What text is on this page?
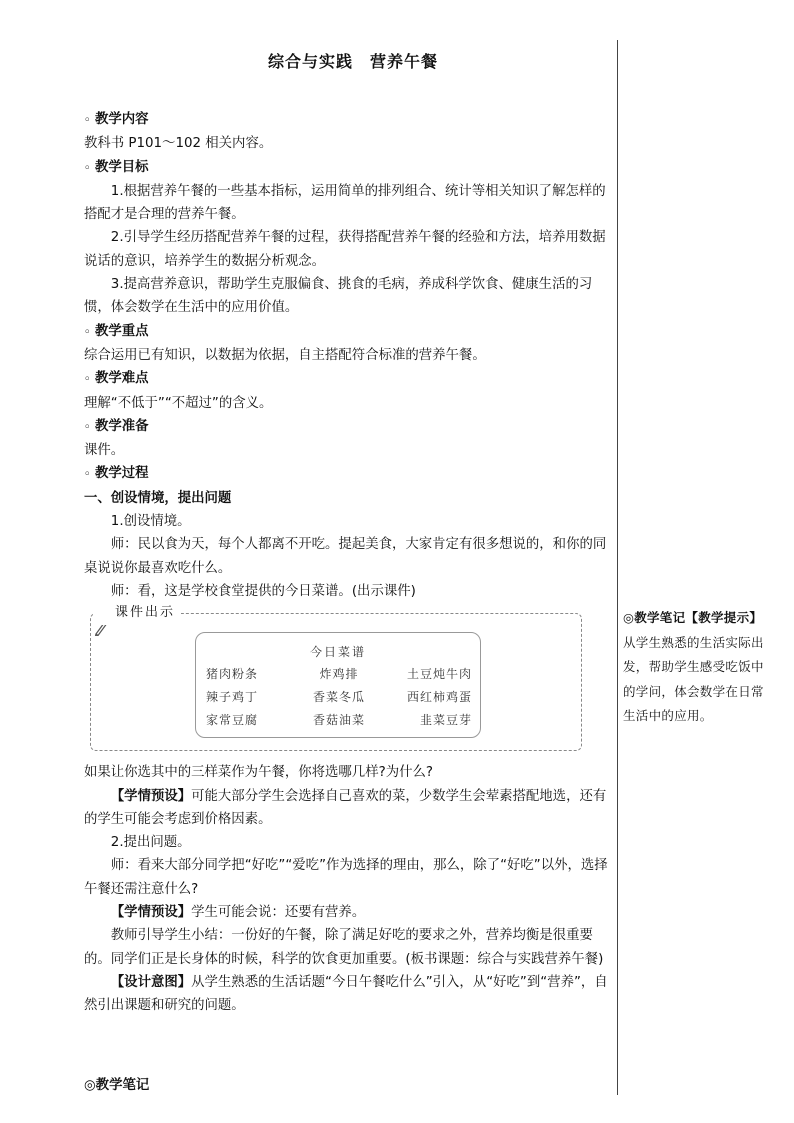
综合与实践　营养午餐

◦ 教学内容

教科书 P101～102 相关内容。

◦ 教学目标

1.根据营养午餐的一些基本指标，运用简单的排列组合、统计等相关知识了解怎样的搭配才是合理的营养午餐。

2.引导学生经历搭配营养午餐的过程，获得搭配营养午餐的经验和方法，培养用数据说话的意识，培养学生的数据分析观念。

3.提高营养意识，帮助学生克服偏食、挑食的毛病，养成科学饮食、健康生活的习惯，体会数学在生活中的应用价值。

◦ 教学重点

综合运用已有知识，以数据为依据，自主搭配符合标准的营养午餐。

◦ 教学难点

理解“不低于”“不超过”的含义。

◦ 教学准备

课件。

◦ 教学过程

一、创设情境，提出问题

1.创设情境。

师：民以食为天，每个人都离不开吃。提起美食，大家肯定有很多想说的，和你的同桌说说你最喜欢吃什么。

师：看，这是学校食堂提供的今日菜谱。(出示课件)

课件出示
今日菜谱
猪肉粉条	炸鸡排	土豆炖牛肉
辣子鸡丁	香菜冬瓜	西红柿鸡蛋
家常豆腐	香菇油菜	韭菜豆芽

如果让你选其中的三样菜作为午餐，你将选哪几样?为什么?

【学情预设】可能大部分学生会选择自己喜欢的菜，少数学生会荤素搭配地选，还有的学生可能会考虑到价格因素。

2.提出问题。

师：看来大部分同学把“好吃”“爱吃”作为选择的理由，那么，除了“好吃”以外，选择午餐还需注意什么?

【学情预设】学生可能会说：还要有营养。

教师引导学生小结：一份好的午餐，除了满足好吃的要求之外，营养均衡是很重要的。同学们正是长身体的时候，科学的饮食更加重要。(板书课题：综合与实践营养午餐)

【设计意图】从学生熟悉的生活话题“今日午餐吃什么”引入，从“好吃”到“营养”，自然引出课题和研究的问题。

◎教学笔记【教学提示】从学生熟悉的生活实际出发，帮助学生感受吃饭中的学问，体会数学在日常生活中的应用。
◎教学笔记
